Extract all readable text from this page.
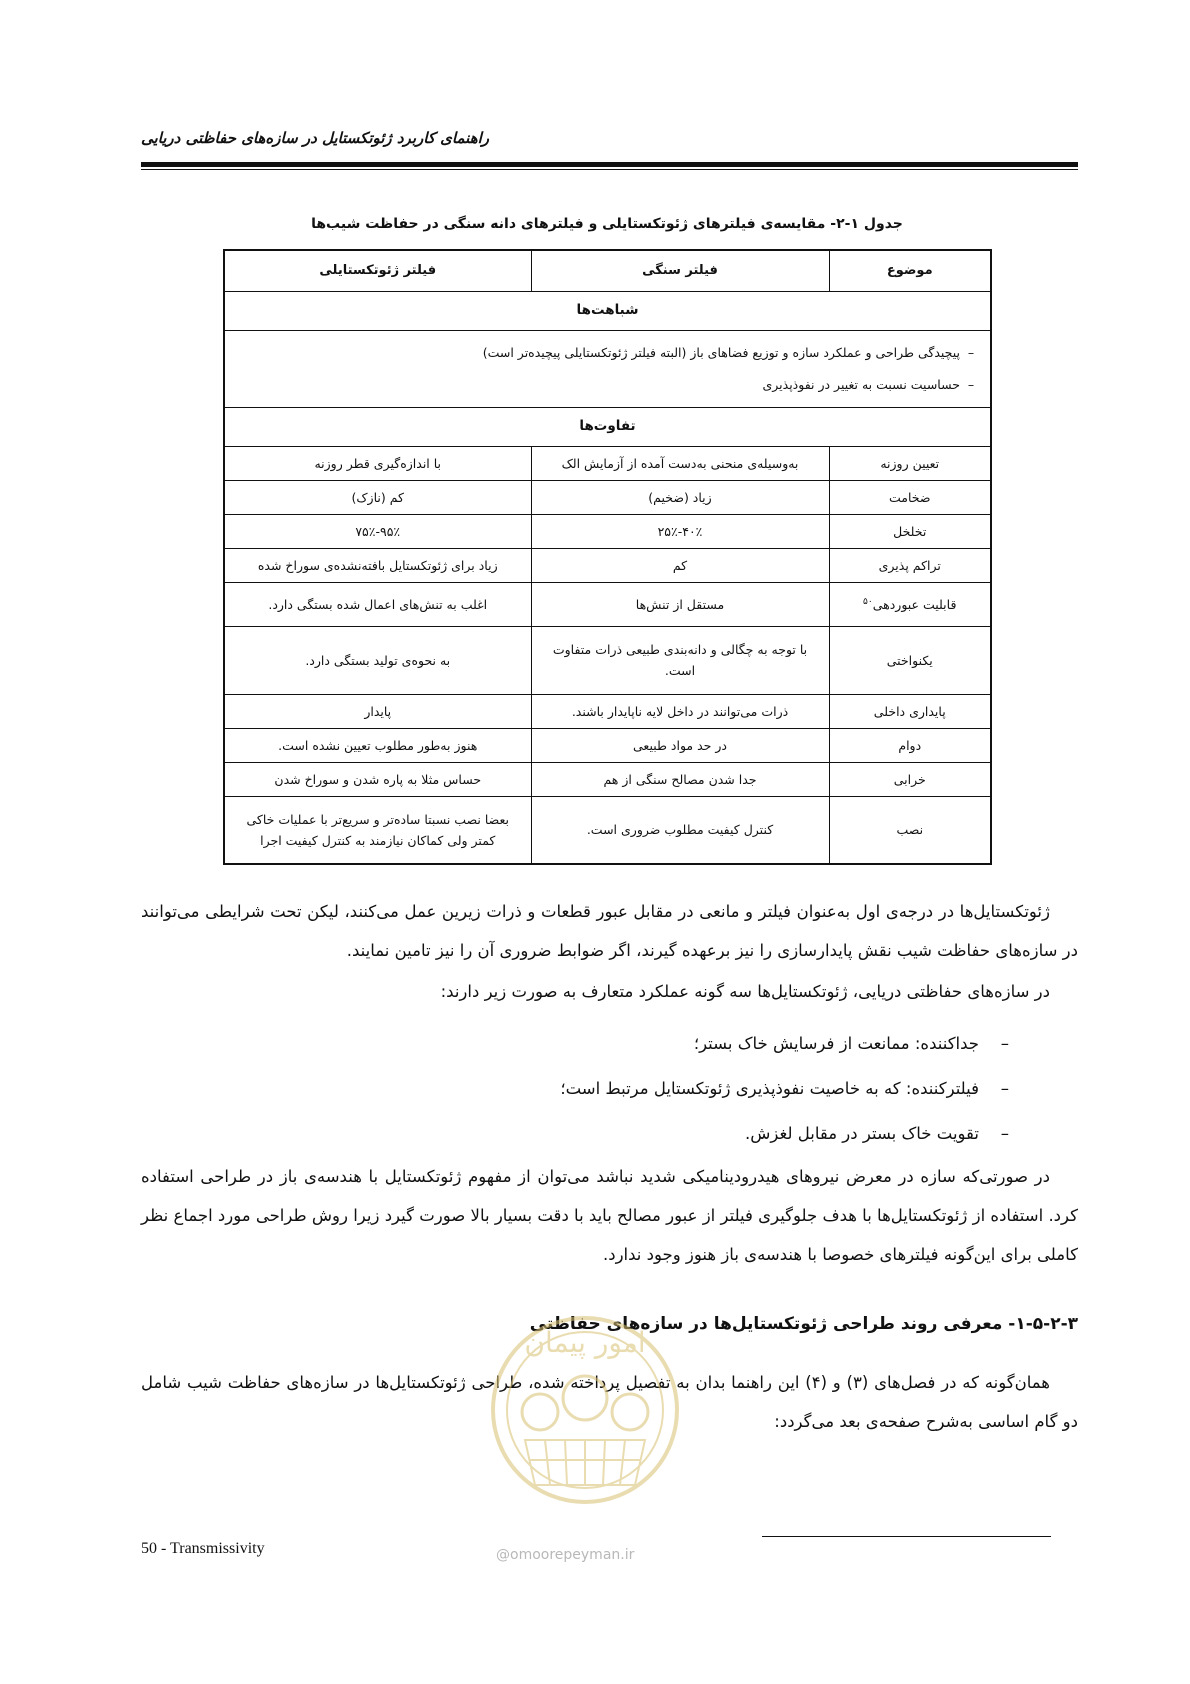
راهنمای کاربرد ژئوتکستایل در سازه‌های حفاظتی دریایی
جدول ۱-۲- مقایسه‌ی فیلترهای ژئوتکستایلی و فیلترهای دانه سنگی در حفاظت شیب‌ها
موضوع	فیلتر سنگی	فیلتر ژئوتکستایلی
شباهت‌ها		

–پیچیدگی طراحی و عملکرد سازه و توزیع فضاهای باز (البته فیلتر ژئوتکستایلی پیچیده‌تر است)
–حساسیت نسبت به تغییر در نفوذپذیری		

تفاوت‌ها		
تعیین روزنه	به‌وسیله‌ی منحنی به‌دست آمده از آزمایش الک	با اندازه‌گیری قطر روزنه
ضخامت	زیاد (ضخیم)	کم (نازک)
تخلخل	۴۰٪-۲۵٪	۹۵٪-۷۵٪
تراکم پذیری	کم	زیاد برای ژئوتکستایل بافته‌نشده‌ی سوراخ شده
قابلیت عبوردهی$^{۵۰}$	مستقل از تنش‌ها	اغلب به تنش‌های اعمال شده بستگی دارد.
یکنواختی	با توجه به چگالی و دانه‌بندی طبیعی ذرات متفاوت است.	به نحوه‌ی تولید بستگی دارد.
پایداری داخلی	ذرات می‌توانند در داخل لایه ناپایدار باشند.	پایدار
دوام	در حد مواد طبیعی	هنوز به‌طور مطلوب تعیین نشده است.
خرابی	جدا شدن مصالح سنگی از هم	حساس مثلا به پاره شدن و سوراخ شدن
نصب	کنترل کیفیت مطلوب ضروری است.	بعضا نصب نسبتا ساده‌تر و سریع‌تر با عملیات خاکی کمتر ولی کماکان نیازمند به کنترل کیفیت اجرا
ژئوتکستایل‌ها در درجه‌ی اول به‌عنوان فیلتر و مانعی در مقابل عبور قطعات و ذرات زیرین عمل می‌کنند، لیکن تحت شرایطی می‌توانند در سازه‌های حفاظت شیب نقش پایدارسازی را نیز برعهده گیرند، اگر ضوابط ضروری آن را نیز تامین نمایند.
در سازه‌های حفاظتی دریایی، ژئوتکستایل‌ها سه گونه عملکرد متعارف به صورت زیر دارند:
–جداکننده: ممانعت از فرسایش خاک بستر؛
–فیلترکننده: که به خاصیت نفوذپذیری ژئوتکستایل مرتبط است؛
–تقویت خاک بستر در مقابل لغزش.
در صورتی‌که سازه در معرض نیروهای هیدرودینامیکی شدید نباشد می‌توان از مفهوم ژئوتکستایل با هندسه‌ی باز در طراحی استفاده کرد. استفاده از ژئوتکستایل‌ها با هدف جلوگیری فیلتر از عبور مصالح باید با دقت بسیار بالا صورت گیرد زیرا روش طراحی مورد اجماع نظر کاملی برای این‌گونه فیلترهای خصوصا با هندسه‌ی باز هنوز وجود ندارد.
۱-۵-۲-۳- معرفی روند طراحی ژئوتکستایل‌ها در سازه‌های حفاظتی
همان‌گونه که در فصل‌های (۳) و (۴) این راهنما بدان به تفصیل پرداخته شده، طراحی ژئوتکستایل‌ها در سازه‌های حفاظت شیب شامل دو گام اساسی به‌شرح صفحه‌ی بعد می‌گردد:
امور پیمان
@omoorepeyman.ir
50 - Transmissivity
